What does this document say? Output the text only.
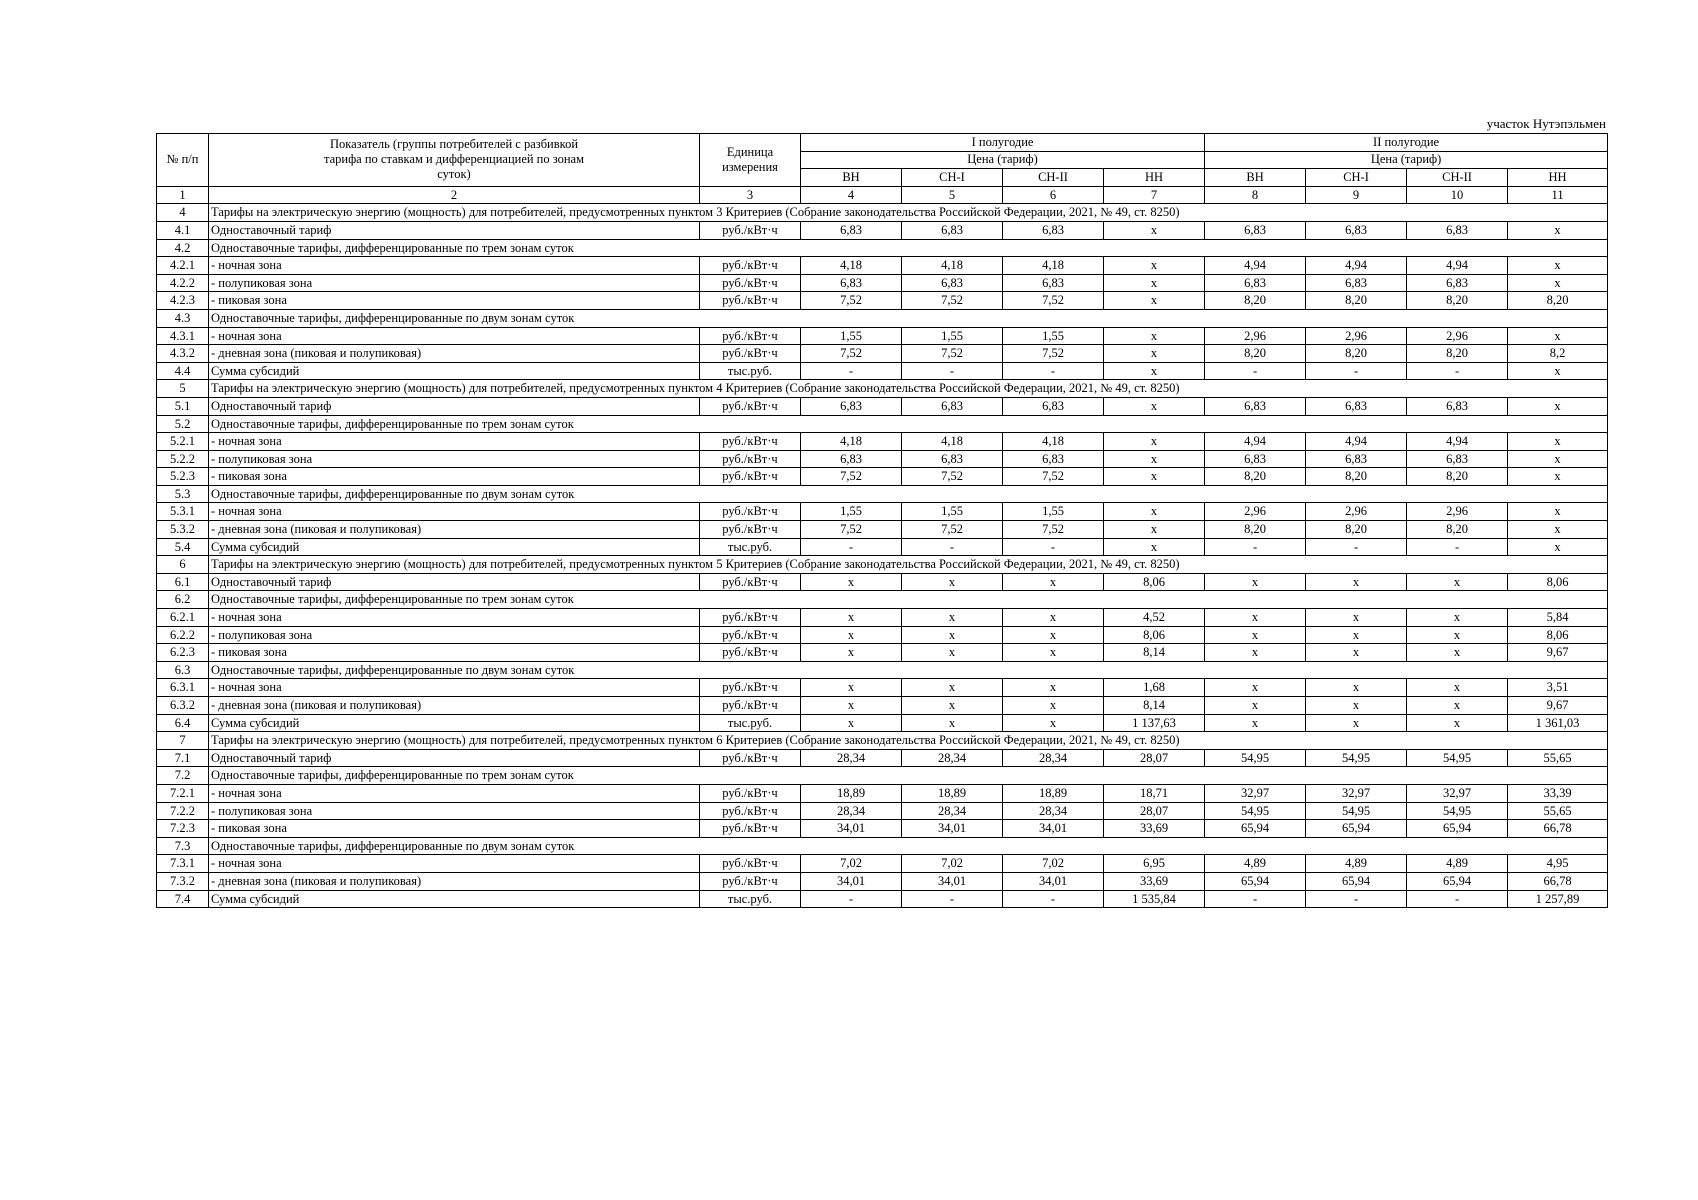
участок Нутэпэльмен
№ п/п	Показатель (группы потребителей с разбивкой тарифа по ставкам и дифференциацией по зонам суток)	Единица измерения	I полугодие				II полугодие			
			Цена (тариф)				Цена (тариф)			
			ВН	СН-I	СН-II	НН	ВН	СН-I	СН-II	НН
1	2	3	4	5	6	7	8	9	10	11
4	Тарифы на электрическую энергию (мощность) для потребителей, предусмотренных пунктом 3 Критериев (Собрание законодательства Российской Федерации, 2021, № 49, ст. 8250)									
4.1	Одноставочный тариф	руб./кВт·ч	6,83	6,83	6,83	х	6,83	6,83	6,83	х
4.2	Одноставочные тарифы, дифференцированные по трем зонам суток									
4.2.1	- ночная зона	руб./кВт·ч	4,18	4,18	4,18	х	4,94	4,94	4,94	х
4.2.2	- полупиковая зона	руб./кВт·ч	6,83	6,83	6,83	х	6,83	6,83	6,83	х
4.2.3	- пиковая зона	руб./кВт·ч	7,52	7,52	7,52	х	8,20	8,20	8,20	8,20
4.3	Одноставочные тарифы, дифференцированные по двум зонам суток									
4.3.1	- ночная зона	руб./кВт·ч	1,55	1,55	1,55	х	2,96	2,96	2,96	х
4.3.2	- дневная зона (пиковая и полупиковая)	руб./кВт·ч	7,52	7,52	7,52	х	8,20	8,20	8,20	8,2
4.4	Сумма субсидий	тыс.руб.	-	-	-	х	-	-	-	х
5	Тарифы на электрическую энергию (мощность) для потребителей, предусмотренных пунктом 4 Критериев (Собрание законодательства Российской Федерации, 2021, № 49, ст. 8250)									
5.1	Одноставочный тариф	руб./кВт·ч	6,83	6,83	6,83	х	6,83	6,83	6,83	х
5.2	Одноставочные тарифы, дифференцированные по трем зонам суток									
5.2.1	- ночная зона	руб./кВт·ч	4,18	4,18	4,18	х	4,94	4,94	4,94	х
5.2.2	- полупиковая зона	руб./кВт·ч	6,83	6,83	6,83	х	6,83	6,83	6,83	х
5.2.3	- пиковая зона	руб./кВт·ч	7,52	7,52	7,52	х	8,20	8,20	8,20	х
5.3	Одноставочные тарифы, дифференцированные по двум зонам суток									
5.3.1	- ночная зона	руб./кВт·ч	1,55	1,55	1,55	х	2,96	2,96	2,96	х
5.3.2	- дневная зона (пиковая и полупиковая)	руб./кВт·ч	7,52	7,52	7,52	х	8,20	8,20	8,20	х
5.4	Сумма субсидий	тыс.руб.	-	-	-	х	-	-	-	х
6	Тарифы на электрическую энергию (мощность) для потребителей, предусмотренных пунктом 5 Критериев (Собрание законодательства Российской Федерации, 2021, № 49, ст. 8250)									
6.1	Одноставочный тариф	руб./кВт·ч	х	х	х	8,06	х	х	х	8,06
6.2	Одноставочные тарифы, дифференцированные по трем зонам суток									
6.2.1	- ночная зона	руб./кВт·ч	х	х	х	4,52	х	х	х	5,84
6.2.2	- полупиковая зона	руб./кВт·ч	х	х	х	8,06	х	х	х	8,06
6.2.3	- пиковая зона	руб./кВт·ч	х	х	х	8,14	х	х	х	9,67
6.3	Одноставочные тарифы, дифференцированные по двум зонам суток									
6.3.1	- ночная зона	руб./кВт·ч	х	х	х	1,68	х	х	х	3,51
6.3.2	- дневная зона (пиковая и полупиковая)	руб./кВт·ч	х	х	х	8,14	х	х	х	9,67
6.4	Сумма субсидий	тыс.руб.	х	х	х	1 137,63	х	х	х	1 361,03
7	Тарифы на электрическую энергию (мощность) для потребителей, предусмотренных пунктом 6 Критериев (Собрание законодательства Российской Федерации, 2021, № 49, ст. 8250)									
7.1	Одноставочный тариф	руб./кВт·ч	28,34	28,34	28,34	28,07	54,95	54,95	54,95	55,65
7.2	Одноставочные тарифы, дифференцированные по трем зонам суток									
7.2.1	- ночная зона	руб./кВт·ч	18,89	18,89	18,89	18,71	32,97	32,97	32,97	33,39
7.2.2	- полупиковая зона	руб./кВт·ч	28,34	28,34	28,34	28,07	54,95	54,95	54,95	55,65
7.2.3	- пиковая зона	руб./кВт·ч	34,01	34,01	34,01	33,69	65,94	65,94	65,94	66,78
7.3	Одноставочные тарифы, дифференцированные по двум зонам суток									
7.3.1	- ночная зона	руб./кВт·ч	7,02	7,02	7,02	6,95	4,89	4,89	4,89	4,95
7.3.2	- дневная зона (пиковая и полупиковая)	руб./кВт·ч	34,01	34,01	34,01	33,69	65,94	65,94	65,94	66,78
7.4	Сумма субсидий	тыс.руб.	-	-	-	1 535,84	-	-	-	1 257,89
